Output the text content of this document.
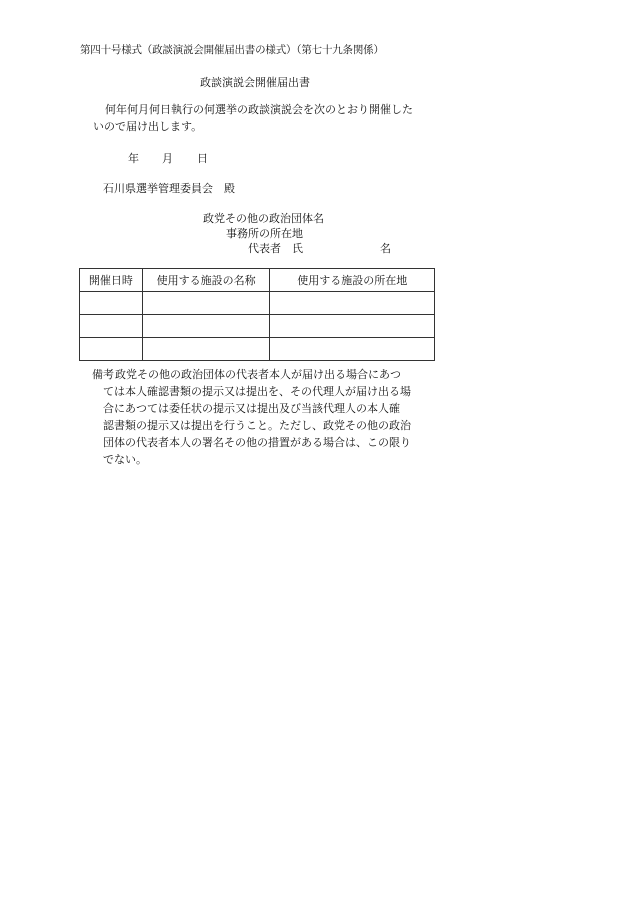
第四十号様式（政談演説会開催届出書の様式）（第七十九条関係）
政談演説会開催届出書
何年何月何日執行の何選挙の政談演説会を次のとおり開催した
いので届け出します。
年 月 日
石川県選挙管理委員会　殿
政党その他の政治団体名
事務所の所在地
代表者　氏	名
開催日時	使用する施設の名称	使用する施設の所在地

備考 政党その他の政治団体の代表者本人が届け出る場合にあつ
ては本人確認書類の提示又は提出を、その代理人が届け出る場
合にあつては委任状の提示又は提出及び当該代理人の本人確
認書類の提示又は提出を行うこと。ただし、政党その他の政治
団体の代表者本人の署名その他の措置がある場合は、この限り
でない。
